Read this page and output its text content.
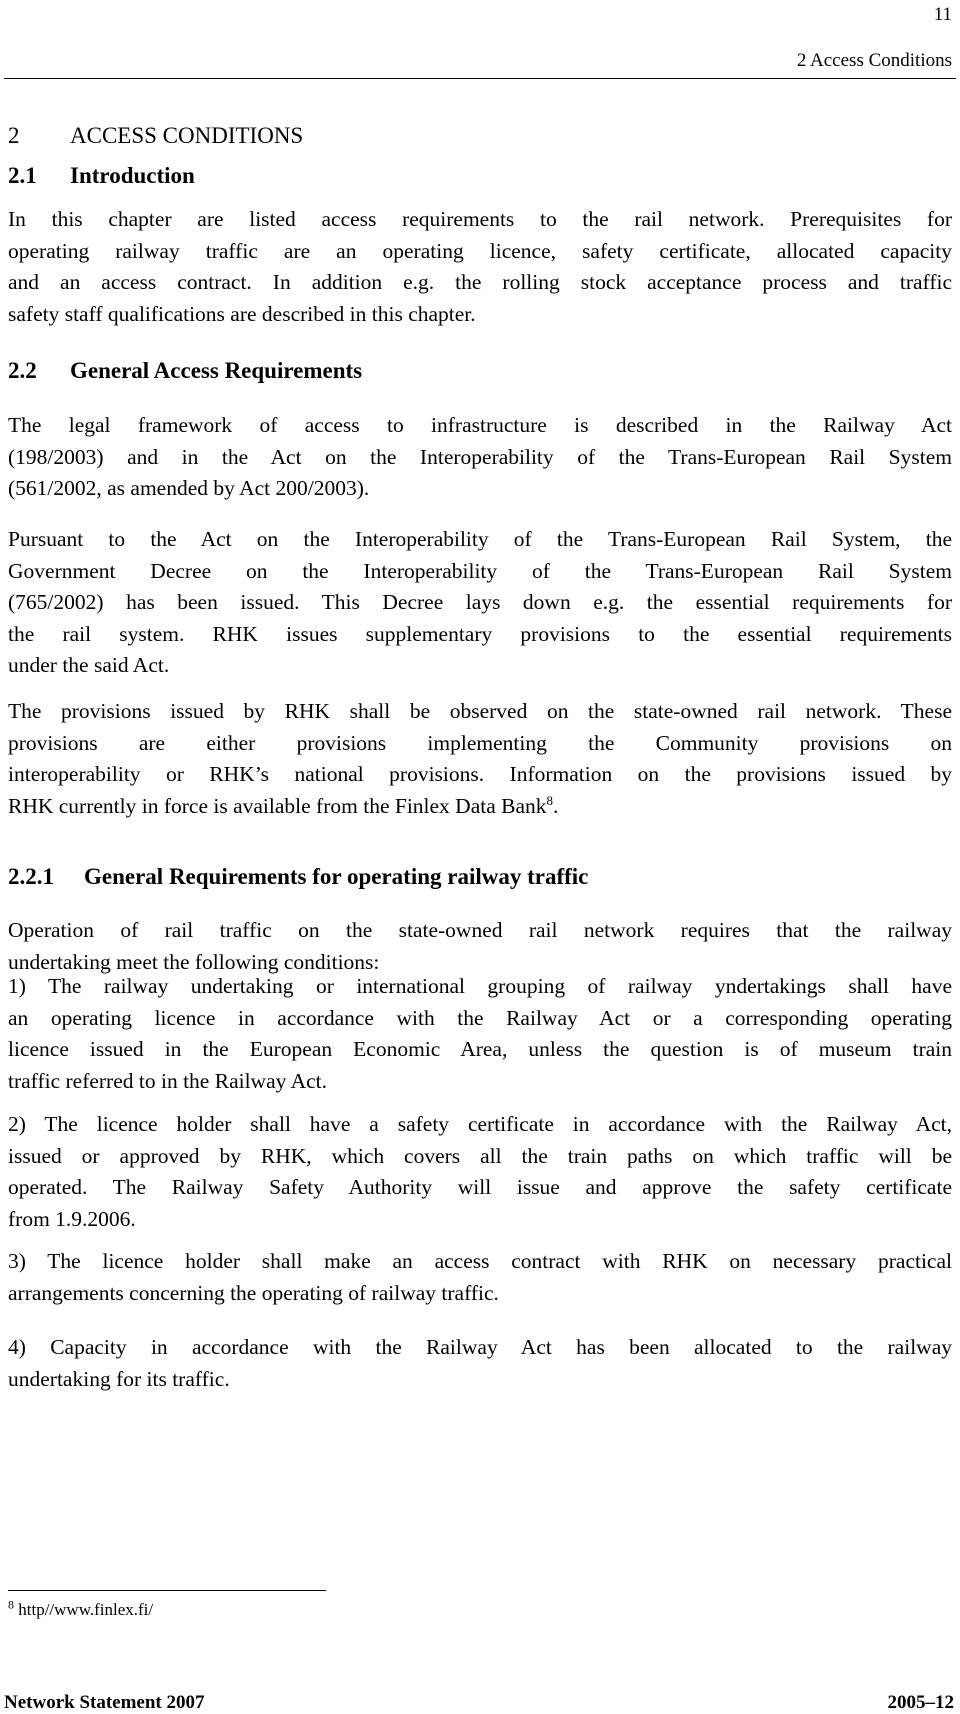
11
2 Access Conditions
2 ACCESS CONDITIONS
2.1 Introduction

In this chapter are listed access requirements to the rail network. Prerequisites for
operating railway traffic are an operating licence, safety certificate, allocated capacity
and an access contract. In addition e.g. the rolling stock acceptance process and traffic
safety staff qualifications are described in this chapter.

2.2 General Access Requirements

The legal framework of access to infrastructure is described in the Railway Act
(198/2003) and in the Act on the Interoperability of the Trans-European Rail System
(561/2002, as amended by Act 200/2003).

Pursuant to the Act on the Interoperability of the Trans-European Rail System, the
Government Decree on the Interoperability of the Trans-European Rail System
(765/2002) has been issued. This Decree lays down e.g. the essential requirements for
the rail system. RHK issues supplementary provisions to the essential requirements
under the said Act.

The provisions issued by RHK shall be observed on the state-owned rail network. These
provisions are either provisions implementing the Community provisions on
interoperability or RHK’s national provisions. Information on the provisions issued by
RHK currently in force is available from the Finlex Data Bank$^8$.

2.2.1 General Requirements for operating railway traffic

Operation of rail traffic on the state-owned rail network requires that the railway
undertaking meet the following conditions:

1) The railway undertaking or international grouping of railway yndertakings shall have
an operating licence in accordance with the Railway Act or a corresponding operating
licence issued in the European Economic Area, unless the question is of museum train
traffic referred to in the Railway Act.

2) The licence holder shall have a safety certificate in accordance with the Railway Act,
issued or approved by RHK, which covers all the train paths on which traffic will be
operated. The Railway Safety Authority will issue and approve the safety certificate
from 1.9.2006.

3) The licence holder shall make an access contract with RHK on necessary practical
arrangements concerning the operating of railway traffic.

4) Capacity in accordance with the Railway Act has been allocated to the railway
undertaking for its traffic.

$^8$ http//www.finlex.fi/
Network Statement 2007	2005–12
